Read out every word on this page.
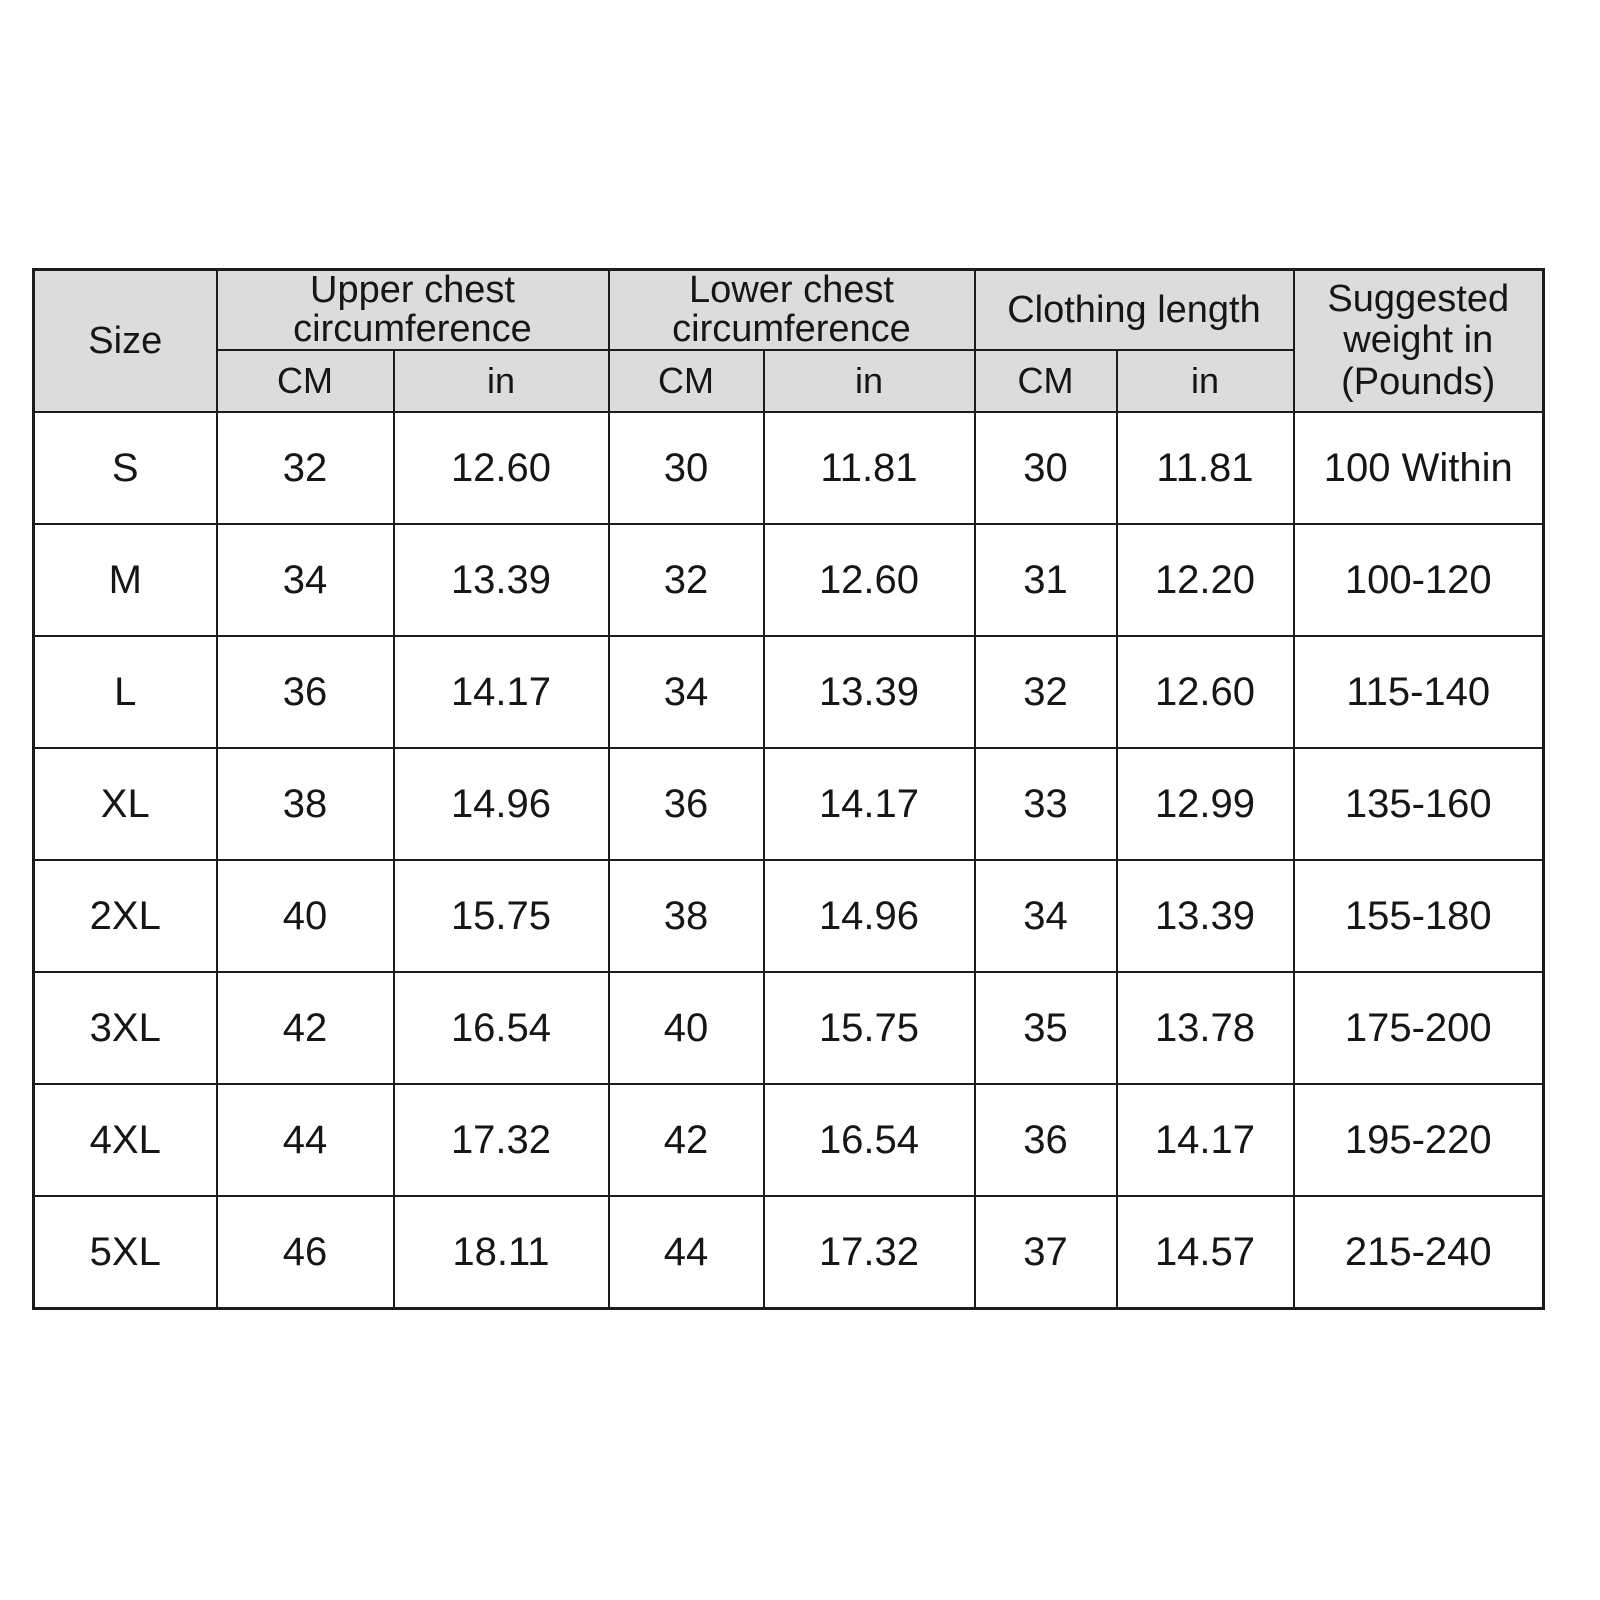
Size	Upper chest circumference		Lower chest circumference		Clothing length		Suggested weight in (Pounds)

	CM	in	CM	in	CM	in	
S	32	12.60	30	11.81	30	11.81	100 Within
M	34	13.39	32	12.60	31	12.20	100-120
L	36	14.17	34	13.39	32	12.60	115-140
XL	38	14.96	36	14.17	33	12.99	135-160
2XL	40	15.75	38	14.96	34	13.39	155-180
3XL	42	16.54	40	15.75	35	13.78	175-200
4XL	44	17.32	42	16.54	36	14.17	195-220
5XL	46	18.11	44	17.32	37	14.57	215-240
